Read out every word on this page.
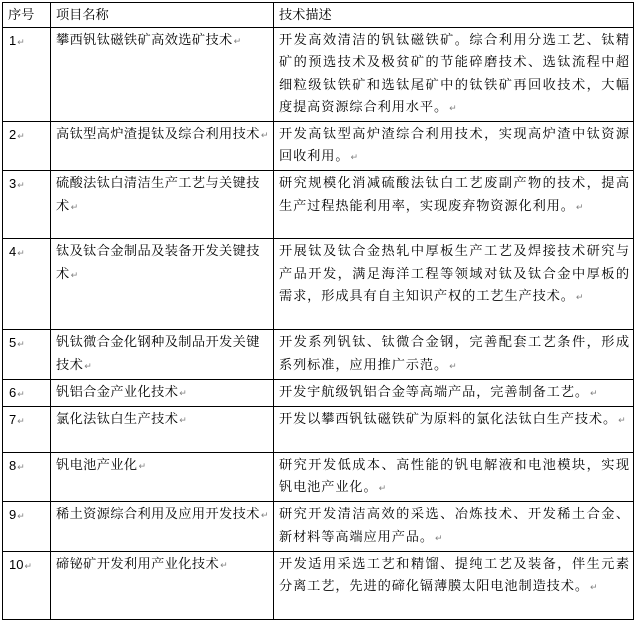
序号	项目名称	技术描述
1↵	攀西钒钛磁铁矿高效选矿技术↵	开发高效清洁的钒钛磁铁矿。综合利用分选工艺、钛精矿的预选技术及极贫矿的节能碎磨技术、选钛流程中超细粒级钛铁矿和选钛尾矿中的钛铁矿再回收技术，大幅度提高资源综合利用水平。↵
2↵	高钛型高炉渣提钛及综合利用技术↵	开发高钛型高炉渣综合利用技术，实现高炉渣中钛资源回收利用。↵
3↵	硫酸法钛白清洁生产工艺与关键技术↵	研究规模化消减硫酸法钛白工艺废副产物的技术，提高生产过程热能利用率，实现废弃物资源化利用。↵
4↵	钛及钛合金制品及装备开发关键技术↵	开展钛及钛合金热轧中厚板生产工艺及焊接技术研究与产品开发，满足海洋工程等领域对钛及钛合金中厚板的需求，形成具有自主知识产权的工艺生产技术。↵
5↵	钒钛微合金化钢种及制品开发关键技术↵	开发系列钒钛、钛微合金钢，完善配套工艺条件，形成系列标准，应用推广示范。↵
6↵	钒铝合金产业化技术↵	开发宇航级钒铝合金等高端产品，完善制备工艺。↵
7↵	氯化法钛白生产技术↵	开发以攀西钒钛磁铁矿为原料的氯化法钛白生产技术。↵
8↵	钒电池产业化↵	研究开发低成本、高性能的钒电解液和电池模块，实现钒电池产业化。↵
9↵	稀土资源综合利用及应用开发技术↵	研究开发清洁高效的采选、冶炼技术、开发稀土合金、新材料等高端应用产品。↵
10↵	碲铋矿开发利用产业化技术↵	开发适用采选工艺和精馏、提纯工艺及装备，伴生元素分离工艺，先进的碲化镉薄膜太阳电池制造技术。↵
